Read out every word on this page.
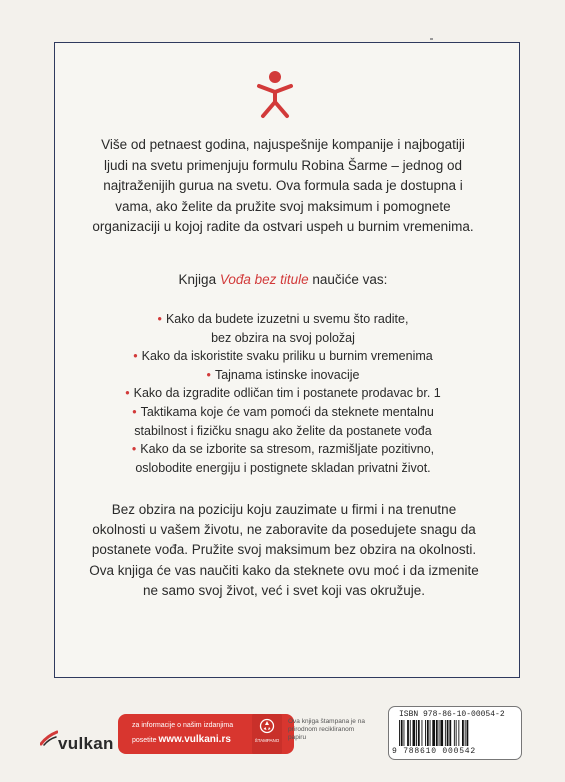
Više od petnaest godina, najuspešnije kompanije i najbogatiji ljudi na svetu primenjuju formulu Robina Šarme – jednog od najtraženijih gurua na svetu. Ova formula sada je dostupna i vama, ako želite da pružite svoj maksimum i pomognete organizaciji u kojoj radite da ostvari uspeh u burnim vremenima.

Knjiga Vođa bez titule naučiće vas:

• Kako da budete izuzetni u svemu što radite,
bez obzira na svoj položaj
• Kako da iskoristite svaku priliku u burnim vremenima
• Tajnama istinske inovacije
• Kako da izgradite odličan tim i postanete prodavac br. 1
• Taktikama koje će vam pomoći da steknete mentalnu
stabilnost i fizičku snagu ako želite da postanete vođa
• Kako da se izborite sa stresom, razmišljate pozitivno,
oslobodite energiju i postignete skladan privatni život.

Bez obzira na poziciju koju zauzimate u firmi i na trenutne okolnosti u vašem životu, ne zaboravite da posedujete snagu da postanete vođa. Pružite svoj maksimum bez obzira na okolnosti. Ova knjiga će vas naučiti kako da steknete ovu moć i da izmenite ne samo svoj život, već i svet koji vas okružuje.

vulkan
za informacije o našim izdanjima
posetite www.vulkani.rs	ŠTAMPANO
Ova knjiga štampana je na prirodnom recikliranom papiru
ISBN 978-86-10-00054-2
9 788610 000542
